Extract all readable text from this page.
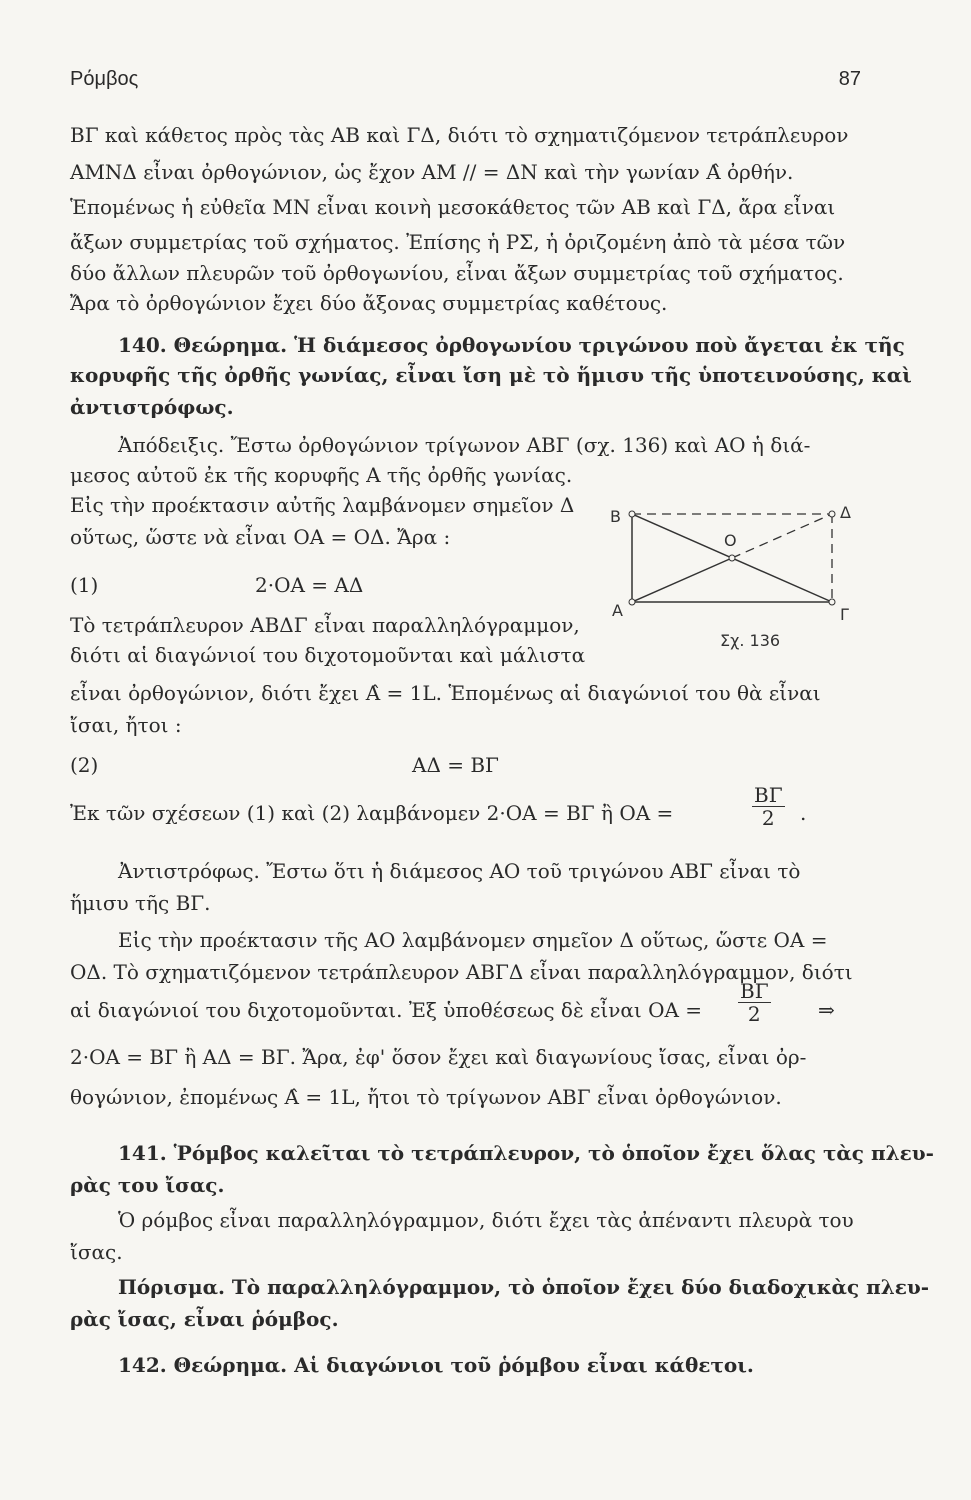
Ρόμβος	87
ΒΓ καὶ κάθετος πρὸς τὰς ΑΒ καὶ ΓΔ, διότι τὸ σχηματιζόμενον τετράπλευρον
ΑΜΝΔ εἶναι ὀρθογώνιον, ὡς ἔχον ΑΜ // = ΔΝ καὶ τὴν γωνίαν Α̂ ὀρθήν.
Ἑπομένως ἡ εὐθεῖα ΜΝ εἶναι κοινὴ μεσοκάθετος τῶν ΑΒ καὶ ΓΔ, ἄρα εἶναι
ἄξων συμμετρίας τοῦ σχήματος. Ἐπίσης ἡ ΡΣ, ἡ ὁριζομένη ἀπὸ τὰ μέσα τῶν
δύο ἄλλων πλευρῶν τοῦ ὀρθογωνίου, εἶναι ἄξων συμμετρίας τοῦ σχήματος.
Ἄρα τὸ ὀρθογώνιον ἔχει δύο ἄξονας συμμετρίας καθέτους.
140. Θεώρημα. Ἡ διάμεσος ὀρθογωνίου τριγώνου ποὺ ἄγεται ἐκ τῆς
κορυφῆς τῆς ὀρθῆς γωνίας, εἶναι ἴση μὲ τὸ ἥμισυ τῆς ὑποτεινούσης, καὶ
ἀντιστρόφως.
Ἀπόδειξις. Ἔστω ὀρθογώνιον τρίγωνον ΑΒΓ (σχ. 136) καὶ ΑΟ ἡ διά-
μεσος αὐτοῦ ἐκ τῆς κορυφῆς Α τῆς ὀρθῆς γωνίας.
Εἰς τὴν προέκτασιν αὐτῆς λαμβάνομεν σημεῖον Δ
οὕτως, ὥστε νὰ εἶναι ΟΑ = ΟΔ. Ἄρα :
(1)	2·ΟΑ = ΑΔ
Τὸ τετράπλευρον ΑΒΔΓ εἶναι παραλληλόγραμμον,
διότι αἱ διαγώνιοί του διχοτομοῦνται καὶ μάλιστα
εἶναι ὀρθογώνιον, διότι ἔχει Α̂ = 1L. Ἑπομένως αἱ διαγώνιοί του θὰ εἶναι
ἴσαι, ἤτοι :
(2)	ΑΔ = ΒΓ
Ἐκ τῶν σχέσεων (1) καὶ (2) λαμβάνομεν 2·ΟΑ = ΒΓ ἢ ΟΑ =	$\frac{B\Gamma}{2}$ .
Ἀντιστρόφως. Ἔστω ὅτι ἡ διάμεσος ΑΟ τοῦ τριγώνου ΑΒΓ εἶναι τὸ
ἥμισυ τῆς ΒΓ.
Εἰς τὴν προέκτασιν τῆς ΑΟ λαμβάνομεν σημεῖον Δ οὕτως, ὥστε ΟΑ =
ΟΔ. Τὸ σχηματιζόμενον τετράπλευρον ΑΒΓΔ εἶναι παραλληλόγραμμον, διότι
αἱ διαγώνιοί του διχοτομοῦνται. Ἐξ ὑποθέσεως δὲ εἶναι ΟΑ =	$\frac{B\Gamma}{2}$ ⇒
2·ΟΑ = ΒΓ ἢ ΑΔ = ΒΓ. Ἄρα, ἐφ' ὅσον ἔχει καὶ διαγωνίους ἴσας, εἶναι ὀρ-
θογώνιον, ἐπομένως Α̂ = 1L, ἤτοι τὸ τρίγωνον ΑΒΓ εἶναι ὀρθογώνιον.
141. Ῥόμβος καλεῖται τὸ τετράπλευρον, τὸ ὁποῖον ἔχει ὅλας τὰς πλευ-
ρὰς του ἴσας.
Ὁ ρόμβος εἶναι παραλληλόγραμμον, διότι ἔχει τὰς ἀπέναντι πλευρὰ του
ἴσας.
Πόρισμα. Τὸ παραλληλόγραμμον, τὸ ὁποῖον ἔχει δύο διαδοχικὰς πλευ-
ρὰς ἴσας, εἶναι ῥόμβος.
142. Θεώρημα. Αἱ διαγώνιοι τοῦ ῥόμβου εἶναι κάθετοι.
Β	Δ
Ο
Α	Γ
Σχ. 136
